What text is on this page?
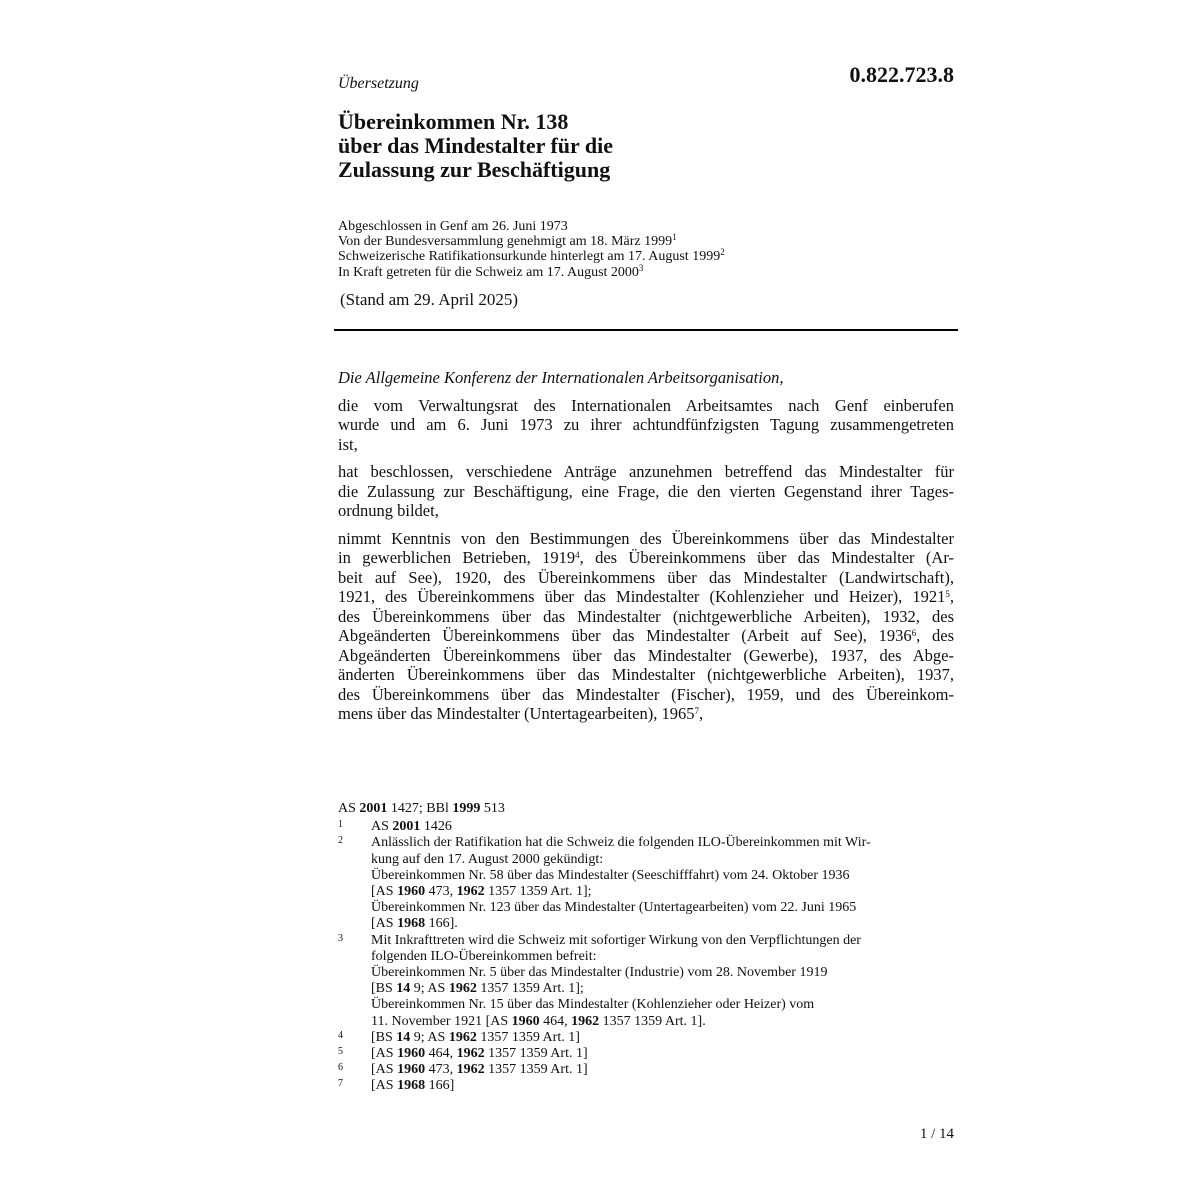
Übersetzung	0.822.723.8
Übereinkommen Nr. 138
über das Mindestalter für die
Zulassung zur Beschäftigung
Abgeschlossen in Genf am 26. Juni 1973
Von der Bundesversammlung genehmigt am 18. März 1999$^1$
Schweizerische Ratifikationsurkunde hinterlegt am 17. August 1999$^2$
In Kraft getreten für die Schweiz am 17. August 2000$^3$
(Stand am 29. April 2025)
Die Allgemeine Konferenz der Internationalen Arbeitsorganisation,
die vom Verwaltungsrat des Internationalen Arbeitsamtes nach Genf einberufen
wurde und am 6. Juni 1973 zu ihrer achtundfünfzigsten Tagung zusammengetreten
ist,
hat beschlossen, verschiedene Anträge anzunehmen betreffend das Mindestalter für
die Zulassung zur Beschäftigung, eine Frage, die den vierten Gegenstand ihrer Tages-
ordnung bildet,
nimmt Kenntnis von den Bestimmungen des Übereinkommens über das Mindestalter
in gewerblichen Betrieben, 1919$^4$, des Übereinkommens über das Mindestalter (Ar-
beit auf See), 1920, des Übereinkommens über das Mindestalter (Landwirtschaft),
1921, des Übereinkommens über das Mindestalter (Kohlenzieher und Heizer), 1921$^5$,
des Übereinkommens über das Mindestalter (nichtgewerbliche Arbeiten), 1932, des
Abgeänderten Übereinkommens über das Mindestalter (Arbeit auf See), 1936$^6$, des
Abgeänderten Übereinkommens über das Mindestalter (Gewerbe), 1937, des Abge-
änderten Übereinkommens über das Mindestalter (nichtgewerbliche Arbeiten), 1937,
des Übereinkommens über das Mindestalter (Fischer), 1959, und des Übereinkom-
mens über das Mindestalter (Untertagearbeiten), 1965$^7$,
AS 2001 1427; BBl 1999 513
1	AS 2001 1426
2	Anlässlich der Ratifikation hat die Schweiz die folgenden ILO-Übereinkommen mit Wir-
kung auf den 17. August 2000 gekündigt:
Übereinkommen Nr. 58 über das Mindestalter (Seeschifffahrt) vom 24. Oktober 1936
[AS 1960 473, 1962 1357 1359 Art. 1];
Übereinkommen Nr. 123 über das Mindestalter (Untertagearbeiten) vom 22. Juni 1965
[AS 1968 166].
3	Mit Inkrafttreten wird die Schweiz mit sofortiger Wirkung von den Verpflichtungen der
folgenden ILO-Übereinkommen befreit:
Übereinkommen Nr. 5 über das Mindestalter (Industrie) vom 28. November 1919
[BS 14 9; AS 1962 1357 1359 Art. 1];
Übereinkommen Nr. 15 über das Mindestalter (Kohlenzieher oder Heizer) vom
11. November 1921 [AS 1960 464, 1962 1357 1359 Art. 1].
4	[BS 14 9; AS 1962 1357 1359 Art. 1]
5	[AS 1960 464, 1962 1357 1359 Art. 1]
6	[AS 1960 473, 1962 1357 1359 Art. 1]
7	[AS 1968 166]
1 / 14
